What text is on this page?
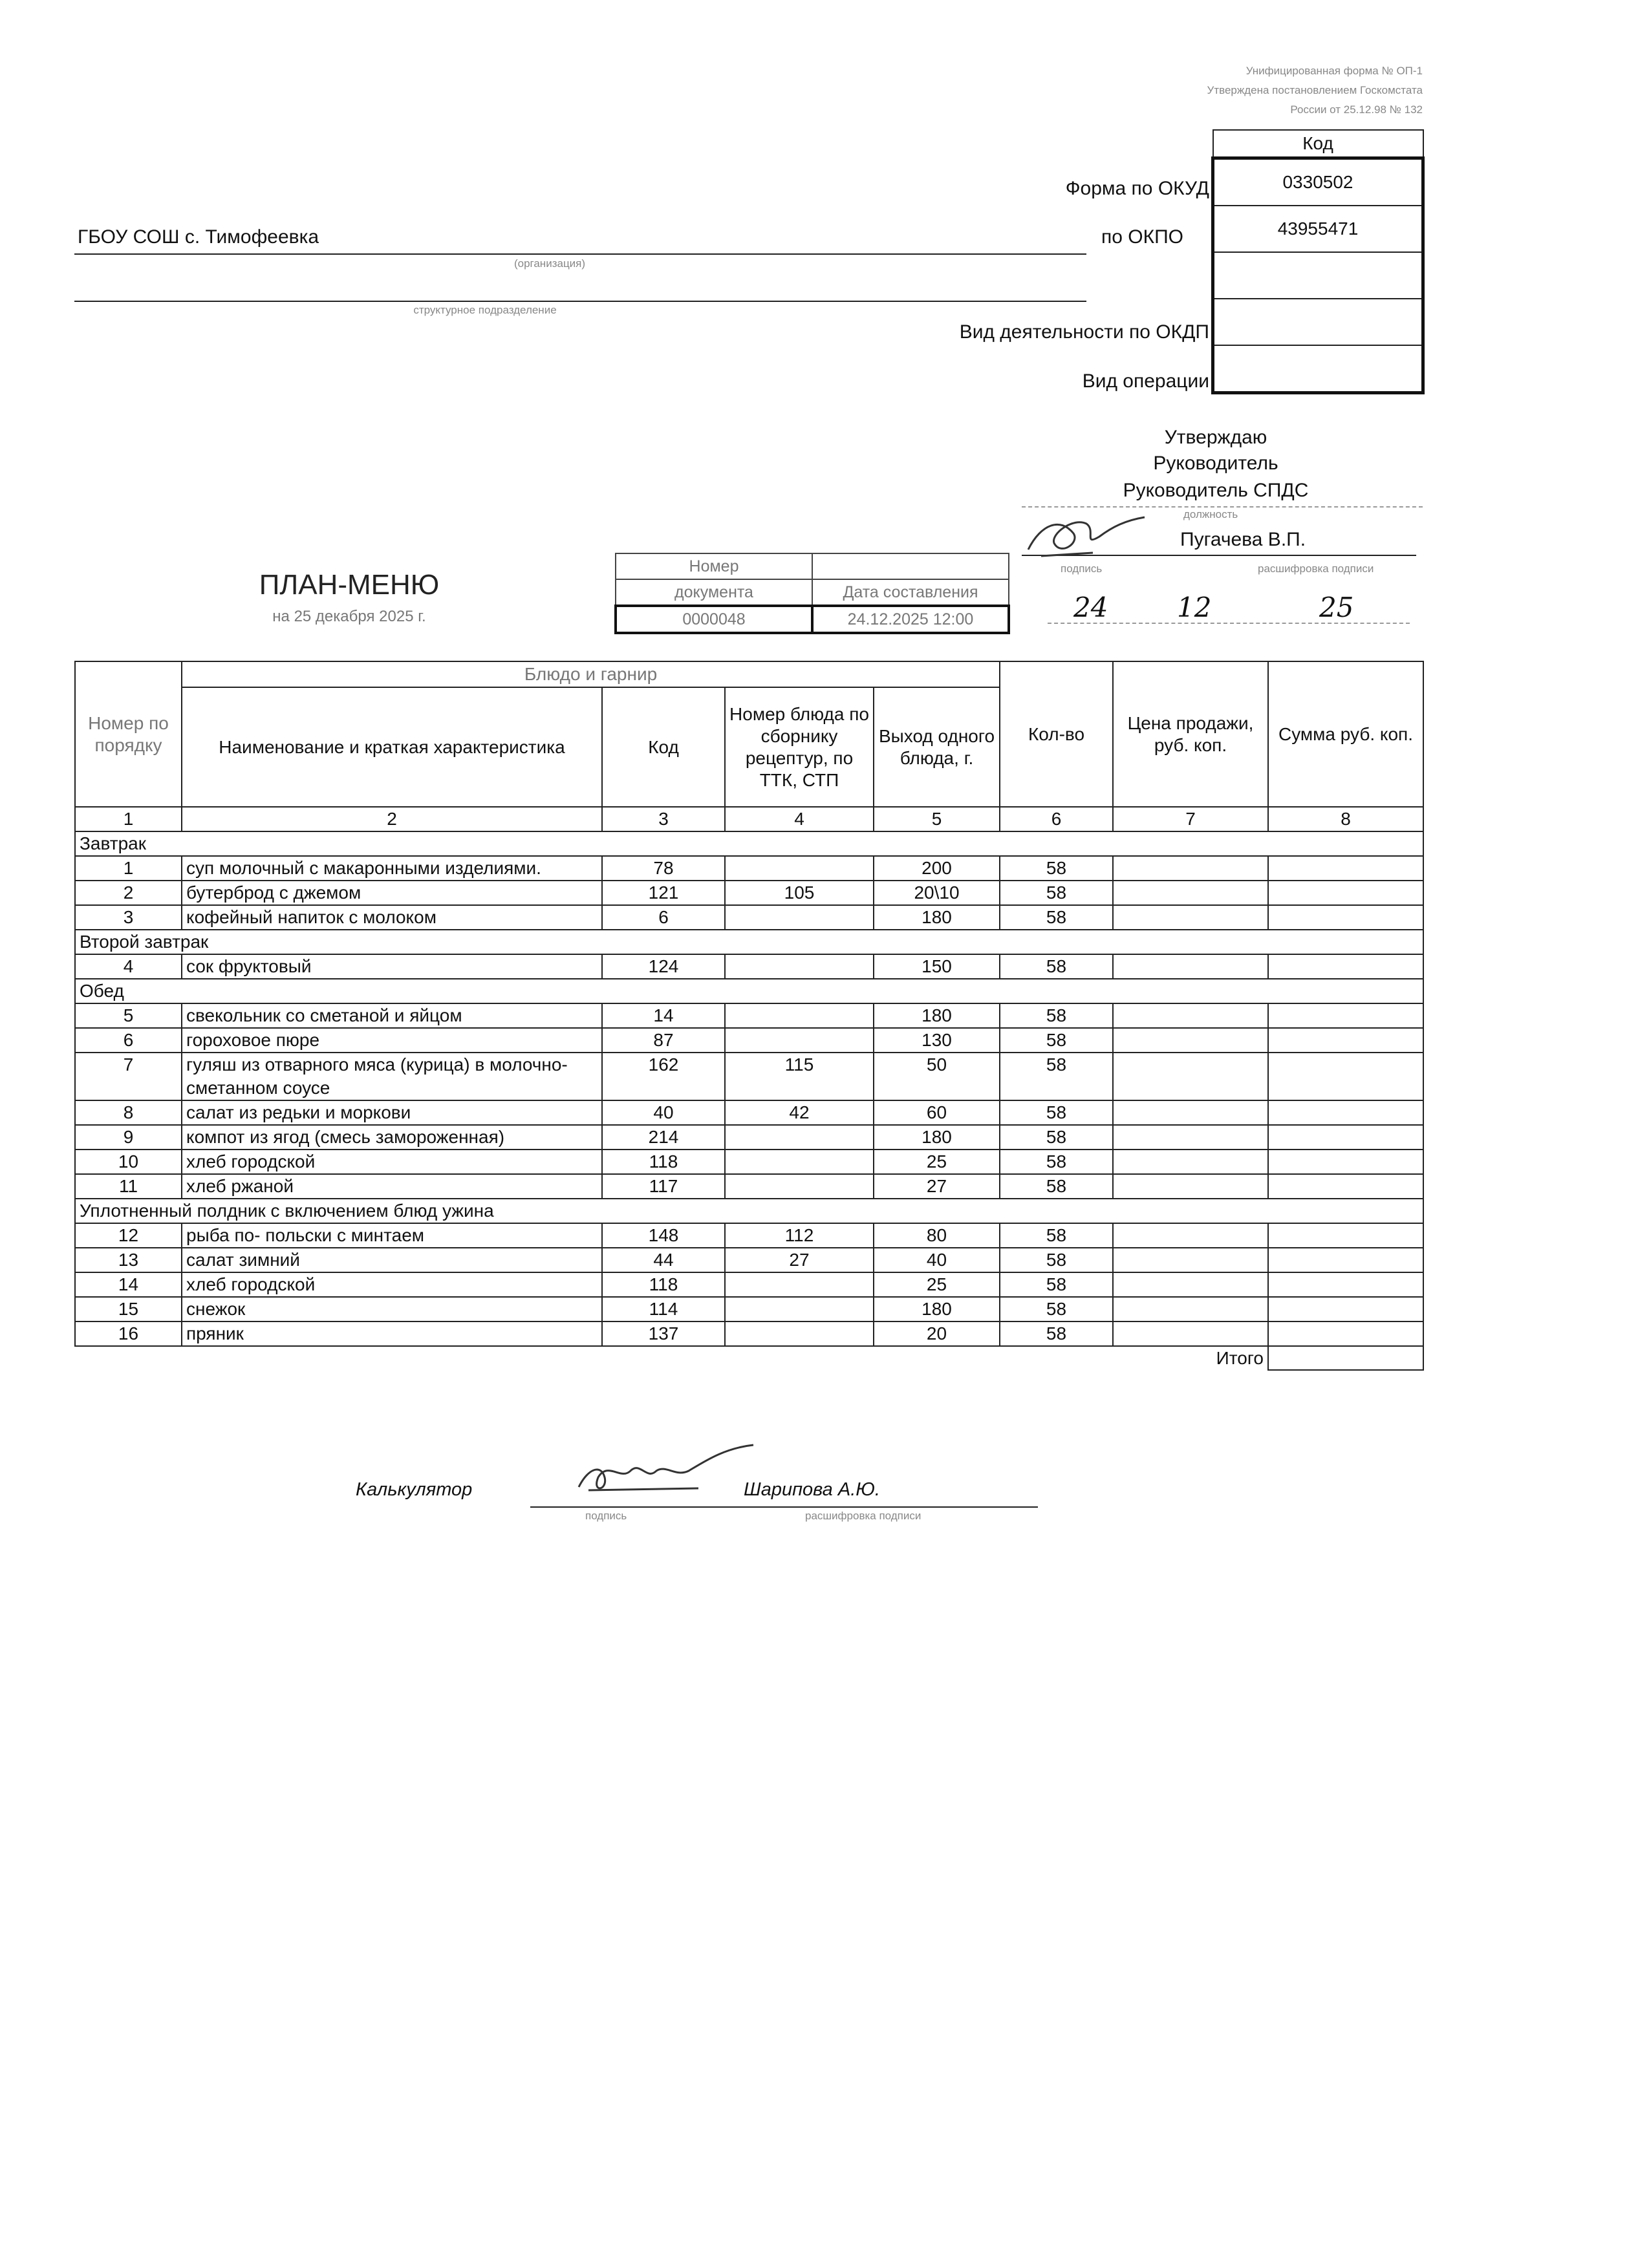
Унифицированная форма № ОП-1
Утверждена постановлением Госкомстата
России от 25.12.98 № 132
Код
0330502
43955471

Форма по ОКУД
по ОКПО
Вид деятельности по ОКДП
Вид операции
ГБОУ СОШ с. Тимофеевка
(организация)
структурное подразделение
Утверждаю
Руководитель
Руководитель СПДС
должность
Пугачева В.П.
подпись	расшифровка подписи
24	12	25
ПЛАН-МЕНЮ
на 25 декабря 2025 г.
Номер	
документа	Дата составления
0000048	24.12.2025 12:00
Номер по порядку	Блюдо и гарнир				Кол-во	Цена продажи, руб. коп.	Сумма руб. коп.
	Наименование и краткая характеристика	Код	Номер блюда по сборнику рецептур, по ТТК, СТП	Выход одного блюда, г.			
1	2	3	4	5	6	7	8
Завтрак							
1	суп молочный с макаронными изделиями.	78		200	58		
2	бутерброд с джемом	121	105	20\10	58		
3	кофейный напиток с молоком	6		180	58		
Второй завтрак							
4	сок фруктовый	124		150	58		
Обед							
5	свекольник со сметаной и яйцом	14		180	58		
6	гороховое пюре	87		130	58		
7	гуляш из отварного мяса (курица) в молочно-сметанном соусе	162	115	50	58		
8	салат из редьки и моркови	40	42	60	58		
9	компот из ягод (смесь замороженная)	214		180	58		
10	хлеб городской	118		25	58		
11	хлеб ржаной	117		27	58		
Уплотненный полдник с включением блюд ужина							
12	рыба по- польски с минтаем	148	112	80	58		
13	салат зимний	44	27	40	58		
14	хлеб городской	118		25	58		
15	снежок	114		180	58		
16	пряник	137		20	58		
Итого							
Калькулятор	Шарипова А.Ю.
подпись	расшифровка подписи
